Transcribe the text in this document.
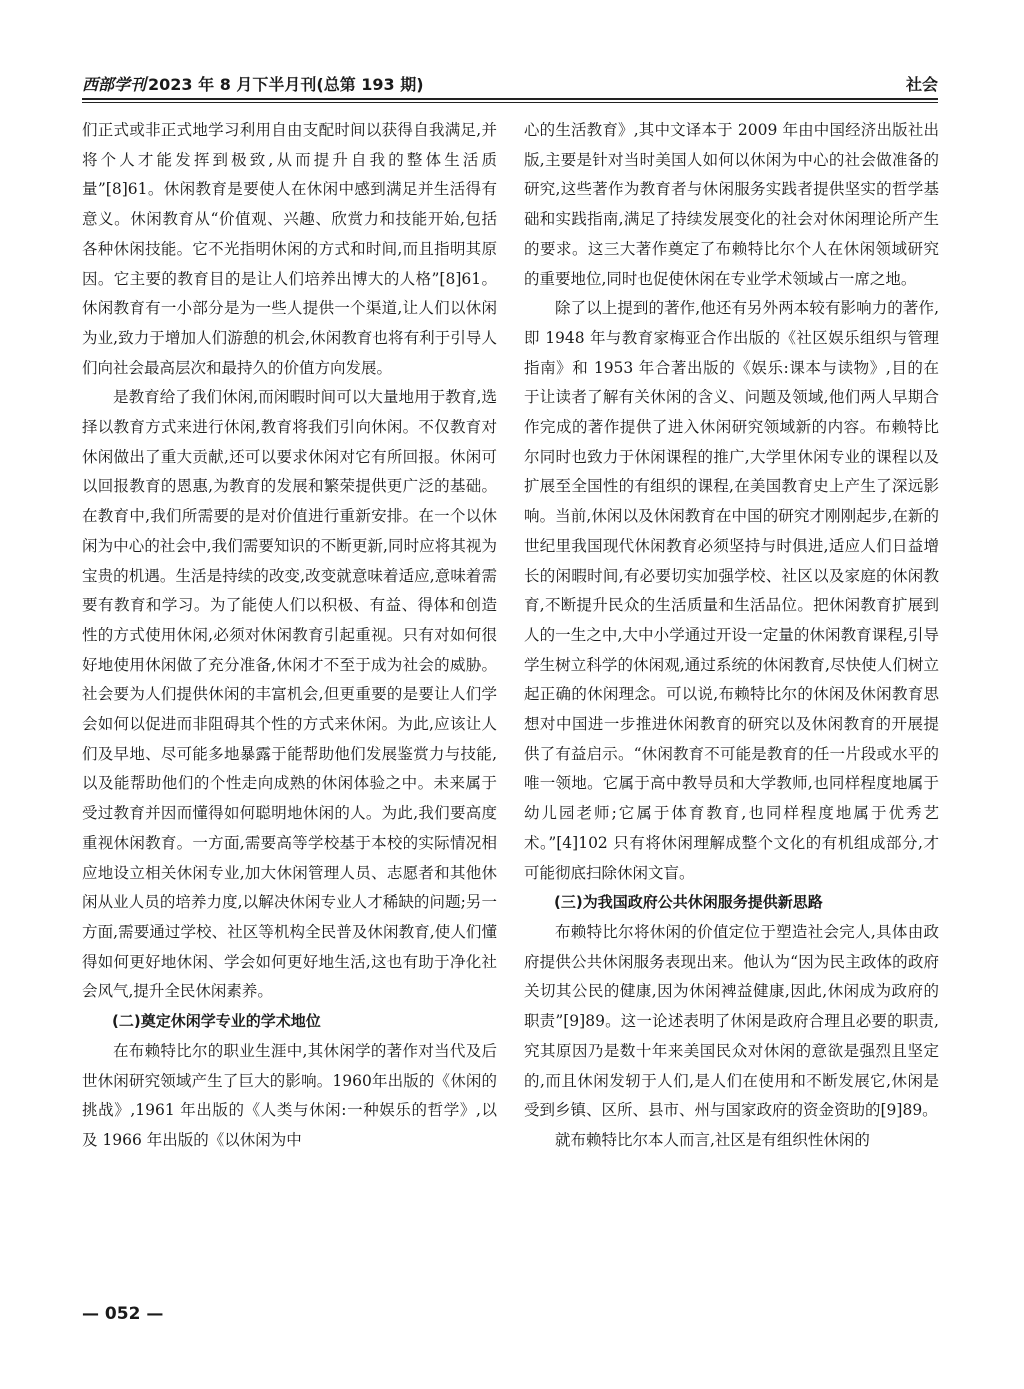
西部学刊 2023 年 8 月下半月刊(总第 193 期)	社会

们正式或非正式地学习利用自由支配时间以获得自我满足,并将个人才能发挥到极致,从而提升自我的整体生活质量”[8]61。休闲教育是要使人在休闲中感到满足并生活得有意义。休闲教育从“价值观、兴趣、欣赏力和技能开始,包括各种休闲技能。它不光指明休闲的方式和时间,而且指明其原因。它主要的教育目的是让人们培养出博大的人格”[8]61。休闲教育有一小部分是为一些人提供一个渠道,让人们以休闲为业,致力于增加人们游憩的机会,休闲教育也将有利于引导人们向社会最高层次和最持久的价值方向发展。

是教育给了我们休闲,而闲暇时间可以大量地用于教育,选择以教育方式来进行休闲,教育将我们引向休闲。不仅教育对休闲做出了重大贡献,还可以要求休闲对它有所回报。休闲可以回报教育的恩惠,为教育的发展和繁荣提供更广泛的基础。在教育中,我们所需要的是对价值进行重新安排。在一个以休闲为中心的社会中,我们需要知识的不断更新,同时应将其视为宝贵的机遇。生活是持续的改变,改变就意味着适应,意味着需要有教育和学习。为了能使人们以积极、有益、得体和创造性的方式使用休闲,必须对休闲教育引起重视。只有对如何很好地使用休闲做了充分准备,休闲才不至于成为社会的威胁。社会要为人们提供休闲的丰富机会,但更重要的是要让人们学会如何以促进而非阻碍其个性的方式来休闲。为此,应该让人们及早地、尽可能多地暴露于能帮助他们发展鉴赏力与技能,以及能帮助他们的个性走向成熟的休闲体验之中。未来属于受过教育并因而懂得如何聪明地休闲的人。为此,我们要高度重视休闲教育。一方面,需要高等学校基于本校的实际情况相应地设立相关休闲专业,加大休闲管理人员、志愿者和其他休闲从业人员的培养力度,以解决休闲专业人才稀缺的问题;另一方面,需要通过学校、社区等机构全民普及休闲教育,使人们懂得如何更好地休闲、学会如何更好地生活,这也有助于净化社会风气,提升全民休闲素养。

(二)奠定休闲学专业的学术地位

在布赖特比尔的职业生涯中,其休闲学的著作对当代及后世休闲研究领域产生了巨大的影响。1960年出版的《休闲的挑战》,1961 年出版的《人类与休闲:一种娱乐的哲学》,以及 1966 年出版的《以休闲为中

心的生活教育》,其中文译本于 2009 年由中国经济出版社出版,主要是针对当时美国人如何以休闲为中心的社会做准备的研究,这些著作为教育者与休闲服务实践者提供坚实的哲学基础和实践指南,满足了持续发展变化的社会对休闲理论所产生的要求。这三大著作奠定了布赖特比尔个人在休闲领域研究的重要地位,同时也促使休闲在专业学术领域占一席之地。

除了以上提到的著作,他还有另外两本较有影响力的著作,即 1948 年与教育家梅亚合作出版的《社区娱乐组织与管理指南》和 1953 年合著出版的《娱乐:课本与读物》,目的在于让读者了解有关休闲的含义、问题及领域,他们两人早期合作完成的著作提供了进入休闲研究领域新的内容。布赖特比尔同时也致力于休闲课程的推广,大学里休闲专业的课程以及扩展至全国性的有组织的课程,在美国教育史上产生了深远影响。当前,休闲以及休闲教育在中国的研究才刚刚起步,在新的世纪里我国现代休闲教育必须坚持与时俱进,适应人们日益增长的闲暇时间,有必要切实加强学校、社区以及家庭的休闲教育,不断提升民众的生活质量和生活品位。把休闲教育扩展到人的一生之中,大中小学通过开设一定量的休闲教育课程,引导学生树立科学的休闲观,通过系统的休闲教育,尽快使人们树立起正确的休闲理念。可以说,布赖特比尔的休闲及休闲教育思想对中国进一步推进休闲教育的研究以及休闲教育的开展提供了有益启示。“休闲教育不可能是教育的任一片段或水平的唯一领地。它属于高中教导员和大学教师,也同样程度地属于幼儿园老师;它属于体育教育,也同样程度地属于优秀艺术。”[4]102 只有将休闲理解成整个文化的有机组成部分,才可能彻底扫除休闲文盲。

(三)为我国政府公共休闲服务提供新思路

布赖特比尔将休闲的价值定位于塑造社会完人,具体由政府提供公共休闲服务表现出来。他认为“因为民主政体的政府关切其公民的健康,因为休闲裨益健康,因此,休闲成为政府的职责”[9]89。这一论述表明了休闲是政府合理且必要的职责,究其原因乃是数十年来美国民众对休闲的意欲是强烈且坚定的,而且休闲发轫于人们,是人们在使用和不断发展它,休闲是受到乡镇、区所、县市、州与国家政府的资金资助的[9]89。

就布赖特比尔本人而言,社区是有组织性休闲的

— 052 —
